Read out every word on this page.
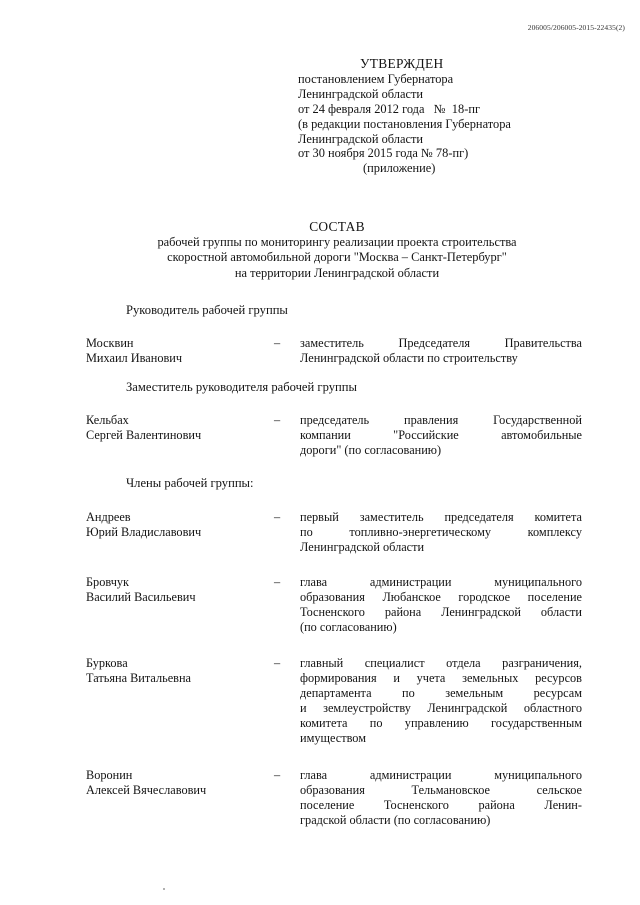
206005/206005-2015-22435(2)
УТВЕРЖДЕН
постановлением Губернатора
Ленинградской области
от 24 февраля 2012 года   №  18-пг
(в редакции постановления Губернатора
Ленинградской области
от 30 ноября 2015 года № 78-пг)
(приложение)
СОСТАВ
рабочей группы по мониторингу реализации проекта строительства
скоростной автомобильной дороги "Москва – Санкт-Петербург"
на территории Ленинградской области
Руководитель рабочей группы
Москвин
Михаил Иванович
– заместитель Председателя Правительства
Ленинградской области по строительству
Заместитель руководителя рабочей группы
Кельбах
Сергей Валентинович
– председатель правления Государственной
компании "Российские автомобильные
дороги" (по согласованию)
Члены рабочей группы:
Андреев
Юрий Владиславович
– первый заместитель председателя комитета
по топливно-энергетическому комплексу
Ленинградской области
Бровчук
Василий Васильевич
– глава администрации муниципального
образования Любанское городское поселение
Тосненского района Ленинградской области
(по согласованию)
Буркова
Татьяна Витальевна
– главный специалист отдела разграничения,
формирования и учета земельных ресурсов
департамента по земельным ресурсам
и землеустройству Ленинградской областного
комитета по управлению государственным
имуществом
Воронин
Алексей Вячеславович
– глава администрации муниципального
образования Тельмановское сельское
поселение Тосненского района Ленин-
градской области (по согласованию)
